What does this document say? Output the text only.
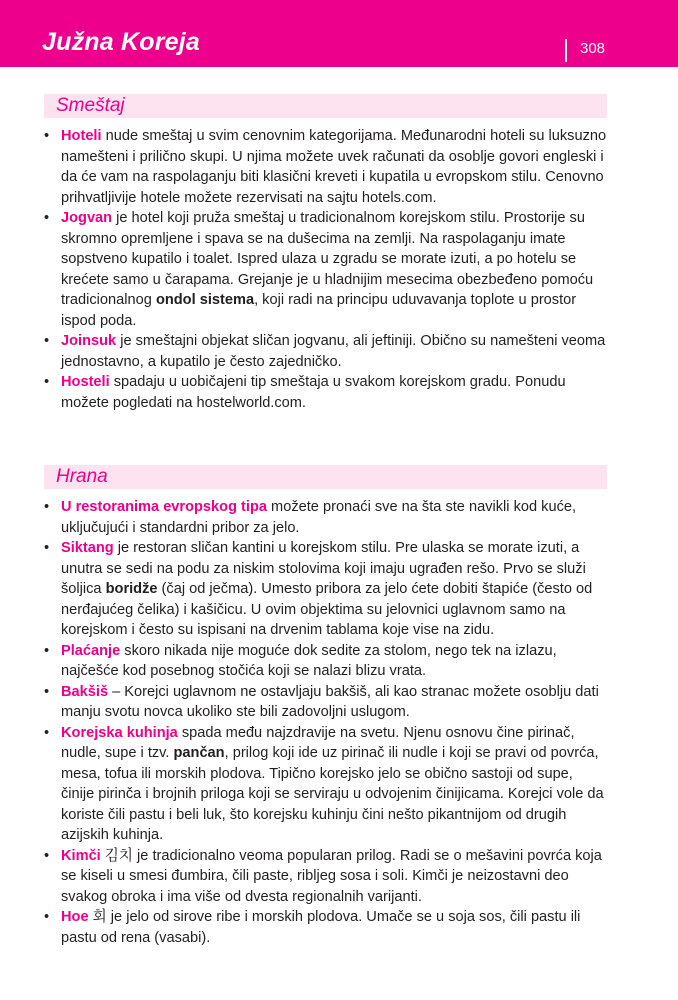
Južna Koreja	308
Smeštaj
• Hoteli nude smeštaj u svim cenovnim kategorijama. Međunarodni hoteli su luksuzno namešteni i prilično skupi. U njima možete uvek računati da osoblje govori engleski i da će vam na raspolaganju biti klasični kreveti i kupatila u evropskom stilu. Cenovno prihvatljivije hotele možete rezervisati na sajtu hotels.com.
• Jogvan je hotel koji pruža smeštaj u tradicionalnom korejskom stilu. Prostorije su skromno opremljene i spava se na dušecima na zemlji. Na raspolaganju imate sopstveno kupatilo i toalet. Ispred ulaza u zgradu se morate izuti, a po hotelu se krećete samo u čarapama. Grejanje je u hladnijim mesecima obezbeđeno pomoću tradicionalnog ondol sistema, koji radi na principu uduvavanja toplote u prostor ispod poda.
• Joinsuk je smeštajni objekat sličan jogvanu, ali jeftiniji. Obično su namešteni veoma jednostavno, a kupatilo je često zajedničko.
• Hosteli spadaju u uobičajeni tip smeštaja u svakom korejskom gradu. Ponudu možete pogledati na hostelworld.com.
Hrana
• U restoranima evropskog tipa možete pronaći sve na šta ste navikli kod kuće, uključujući i standardni pribor za jelo.
• Siktang je restoran sličan kantini u korejskom stilu. Pre ulaska se morate izuti, a unutra se sedi na podu za niskim stolovima koji imaju ugrađen rešo. Prvo se služi šoljica boridže (čaj od ječma). Umesto pribora za jelo ćete dobiti štapiće (često od nerđajućeg čelika) i kašičicu. U ovim objektima su jelovnici uglavnom samo na korejskom i često su ispisani na drvenim tablama koje vise na zidu.
• Plaćanje skoro nikada nije moguće dok sedite za stolom, nego tek na izlazu, najčešće kod posebnog stočića koji se nalazi blizu vrata.
• Bakšiš – Korejci uglavnom ne ostavljaju bakšiš, ali kao stranac možete osoblju dati manju svotu novca ukoliko ste bili zadovoljni uslugom.
• Korejska kuhinja spada među najzdravije na svetu. Njenu osnovu čine pirinač, nudle, supe i tzv. pančan, prilog koji ide uz pirinač ili nudle i koji se pravi od povrća, mesa, tofua ili morskih plodova. Tipično korejsko jelo se obično sastoji od supe, činije pirinča i brojnih priloga koji se serviraju u odvojenim činijicama. Korejci vole da koriste čili pastu i beli luk, što korejsku kuhinju čini nešto pikantnijom od drugih azijskih kuhinja.
• Kimči 김치 je tradicionalno veoma popularan prilog. Radi se o mešavini povrća koja se kiseli u smesi đumbira, čili paste, ribljeg sosa i soli. Kimči je neizostavni deo svakog obroka i ima više od dvesta regionalnih varijanti.
• Hoe 회 je jelo od sirove ribe i morskih plodova. Umače se u soja sos, čili pastu ili pastu od rena (vasabi).
